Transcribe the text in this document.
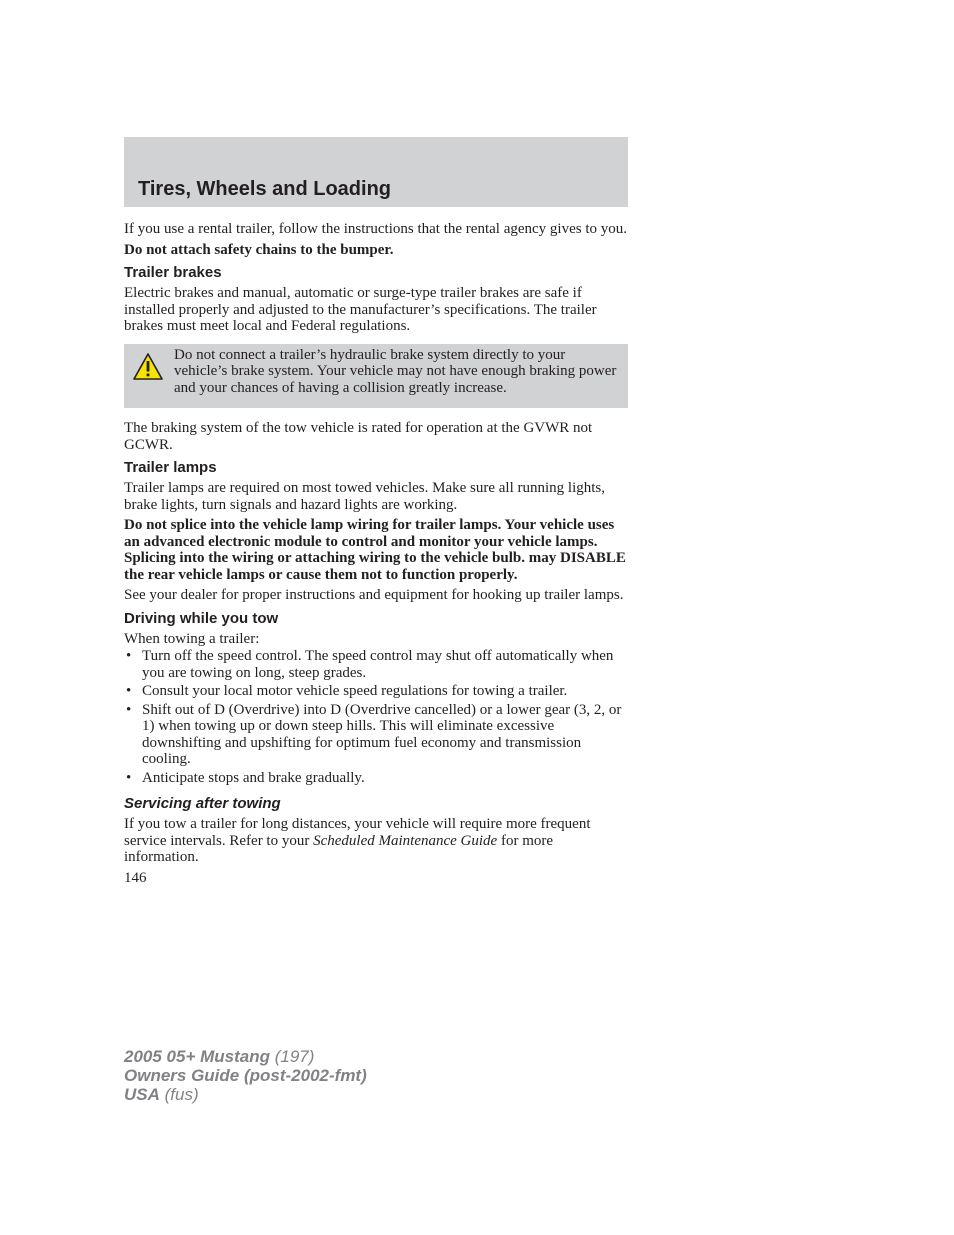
Tires, Wheels and Loading

If you use a rental trailer, follow the instructions that the rental agency gives to you.

Do not attach safety chains to the bumper.

Trailer brakes

Electric brakes and manual, automatic or surge-type trailer brakes are safe if installed properly and adjusted to the manufacturer’s specifications. The trailer brakes must meet local and Federal regulations.

Do not connect a trailer’s hydraulic brake system directly to your vehicle’s brake system. Your vehicle may not have enough braking power and your chances of having a collision greatly increase.

The braking system of the tow vehicle is rated for operation at the GVWR not GCWR.

Trailer lamps

Trailer lamps are required on most towed vehicles. Make sure all running lights, brake lights, turn signals and hazard lights are working.

Do not splice into the vehicle lamp wiring for trailer lamps. Your vehicle uses an advanced electronic module to control and monitor your vehicle lamps. Splicing into the wiring or attaching wiring to the vehicle bulb. may DISABLE the rear vehicle lamps or cause them not to function properly.

See your dealer for proper instructions and equipment for hooking up trailer lamps.

Driving while you tow

When towing a trailer:

• Turn off the speed control. The speed control may shut off automatically when you are towing on long, steep grades.
• Consult your local motor vehicle speed regulations for towing a trailer.
• Shift out of D (Overdrive) into D (Overdrive cancelled) or a lower gear (3, 2, or 1) when towing up or down steep hills. This will eliminate excessive downshifting and upshifting for optimum fuel economy and transmission cooling.
• Anticipate stops and brake gradually.
Servicing after towing

If you tow a trailer for long distances, your vehicle will require more frequent service intervals. Refer to your Scheduled Maintenance Guide for more information.

146

2005 05+ Mustang (197)
Owners Guide (post-2002-fmt)
USA (fus)
